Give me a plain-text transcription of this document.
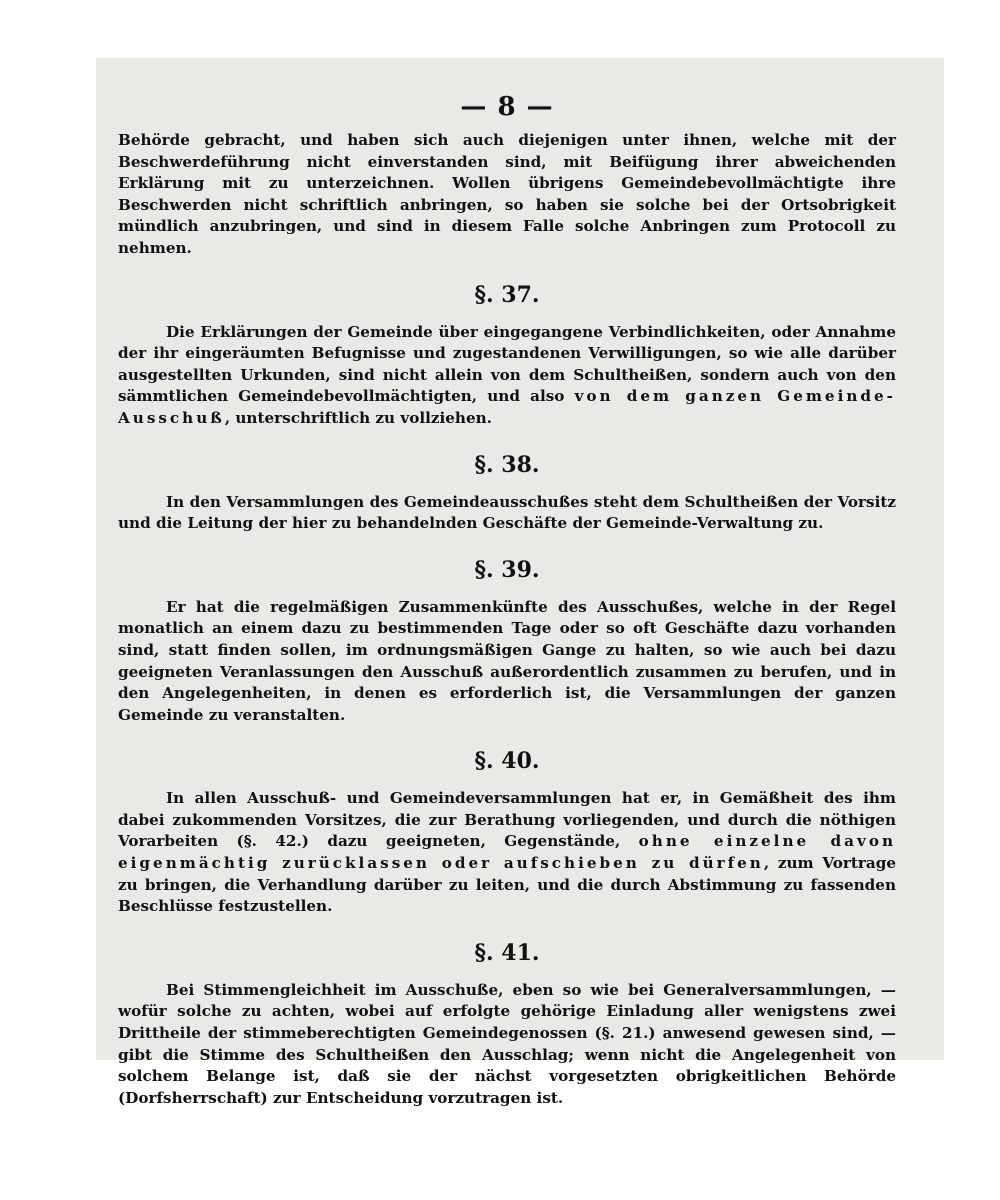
— 8 —

Behörde gebracht, und haben sich auch diejenigen unter ihnen, welche mit der Beschwerdeführung nicht einverstanden sind, mit Beifügung ihrer abweichenden Erklärung mit zu unterzeichnen. Wollen übrigens Gemeindebevollmächtigte ihre Beschwerden nicht schriftlich anbringen, so haben sie solche bei der Ortsobrigkeit mündlich anzubringen, und sind in diesem Falle solche Anbringen zum Protocoll zu nehmen.

§. 37.

Die Erklärungen der Gemeinde über eingegangene Verbindlichkeiten, oder Annahme der ihr eingeräumten Befugnisse und zugestandenen Verwilligungen, so wie alle darüber ausgestellten Urkunden, sind nicht allein von dem Schultheißen, sondern auch von den sämmtlichen Gemeindebevollmächtigten, und also von dem ganzen Gemeinde-Ausschuß, unterschriftlich zu vollziehen.

§. 38.

In den Versammlungen des Gemeindeausschußes steht dem Schultheißen der Vorsitz und die Leitung der hier zu behandelnden Geschäfte der Gemeinde-Verwaltung zu.

§. 39.

Er hat die regelmäßigen Zusammenkünfte des Ausschußes, welche in der Regel monatlich an einem dazu zu bestimmenden Tage oder so oft Geschäfte dazu vorhanden sind, statt finden sollen, im ordnungsmäßigen Gange zu halten, so wie auch bei dazu geeigneten Veranlassungen den Ausschuß außerordentlich zusammen zu berufen, und in den Angelegenheiten, in denen es erforderlich ist, die Versammlungen der ganzen Gemeinde zu veranstalten.

§. 40.

In allen Ausschuß- und Gemeindeversammlungen hat er, in Gemäßheit des ihm dabei zukommenden Vorsitzes, die zur Berathung vorliegenden, und durch die nöthigen Vorarbeiten (§. 42.) dazu geeigneten, Gegenstände, ohne einzelne davon eigenmächtig zurücklassen oder aufschieben zu dürfen, zum Vortrage zu bringen, die Verhandlung darüber zu leiten, und die durch Abstimmung zu fassenden Beschlüsse festzustellen.

§. 41.

Bei Stimmengleichheit im Ausschuße, eben so wie bei Generalversammlungen, — wofür solche zu achten, wobei auf erfolgte gehörige Einladung aller wenigstens zwei Drittheile der stimmeberechtigten Gemeindegenossen (§. 21.) anwesend gewesen sind, — gibt die Stimme des Schultheißen den Ausschlag; wenn nicht die Angelegenheit von solchem Belange ist, daß sie der nächst vorgesetzten obrigkeitlichen Behörde (Dorfsherrschaft) zur Entscheidung vorzutragen ist.
